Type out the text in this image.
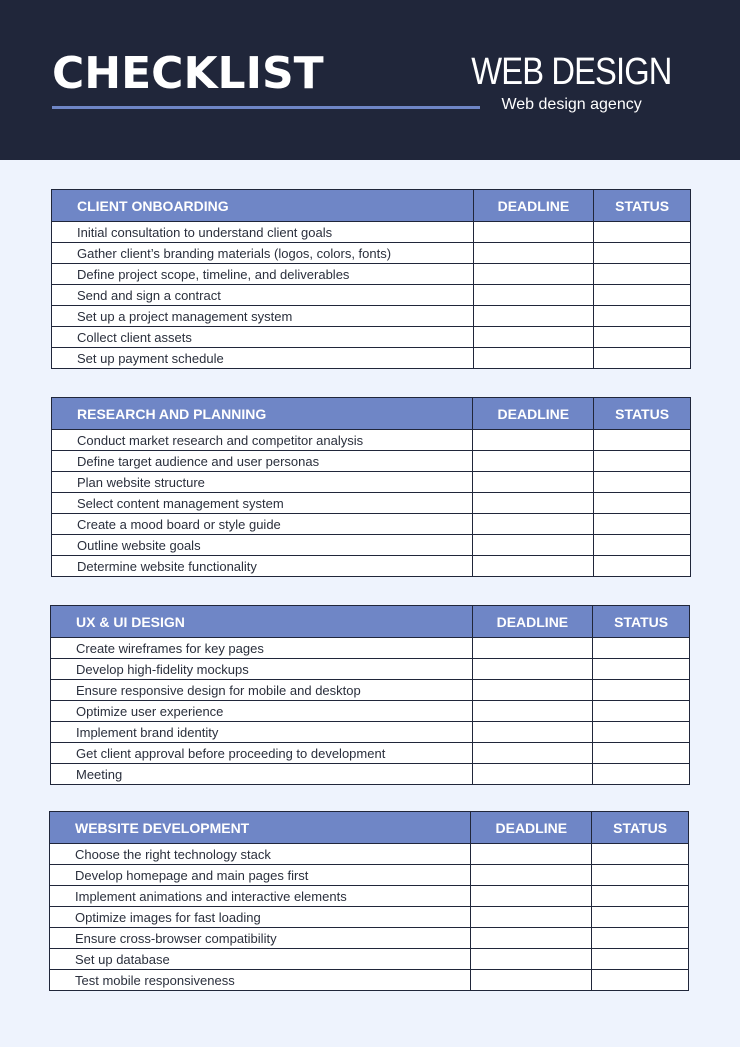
CHECKLIST	WEB DESIGN
Web design agency
CLIENT ONBOARDING	DEADLINE	STATUS
Initial consultation to understand client goals		
Gather client’s branding materials (logos, colors, fonts)		
Define project scope, timeline, and deliverables		
Send and sign a contract		
Set up a project management system		
Collect client assets		
Set up payment schedule		
RESEARCH AND PLANNING	DEADLINE	STATUS
Conduct market research and competitor analysis		
Define target audience and user personas		
Plan website structure		
Select content management system		
Create a mood board or style guide		
Outline website goals		
Determine website functionality		
UX & UI DESIGN	DEADLINE	STATUS
Create wireframes for key pages		
Develop high-fidelity mockups		
Ensure responsive design for mobile and desktop		
Optimize user experience		
Implement brand identity		
Get client approval before proceeding to development		
Meeting		
WEBSITE DEVELOPMENT	DEADLINE	STATUS
Choose the right technology stack		
Develop homepage and main pages first		
Implement animations and interactive elements		
Optimize images for fast loading		
Ensure cross-browser compatibility		
Set up database		
Test mobile responsiveness		
